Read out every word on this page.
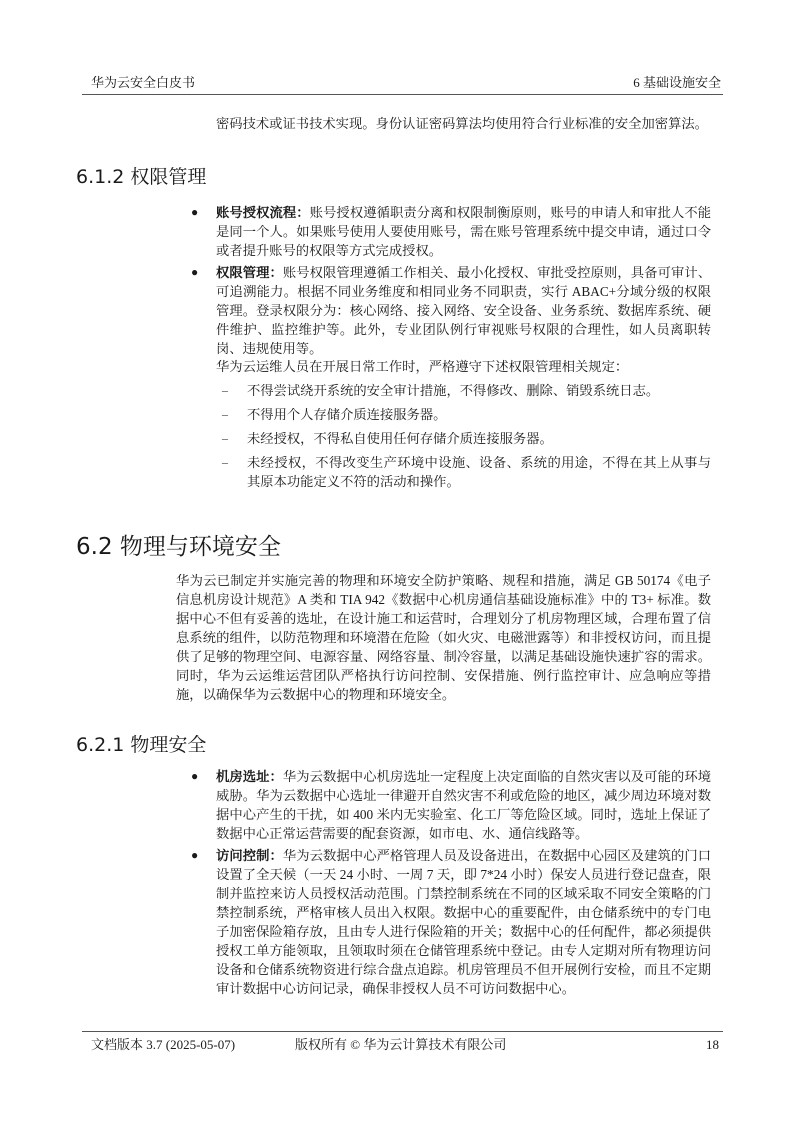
华为云安全白皮书	6 基础设施安全

密码技术或证书技术实现。身份认证密码算法均使用符合行业标准的安全加密算法。

6.1.2 权限管理
● 账号授权流程：账号授权遵循职责分离和权限制衡原则，账号的申请人和审批人不能是同一个人。如果账号使用人要使用账号，需在账号管理系统中提交申请，通过口令或者提升账号的权限等方式完成授权。

● 权限管理：账号权限管理遵循工作相关、最小化授权、审批受控原则，具备可审计、可追溯能力。根据不同业务维度和相同业务不同职责，实行 ABAC+分域分级的权限管理。登录权限分为：核心网络、接入网络、安全设备、业务系统、数据库系统、硬件维护、监控维护等。此外，专业团队例行审视账号权限的合理性，如人员离职转岗、违规使用等。

华为云运维人员在开展日常工作时，严格遵守下述权限管理相关规定：

– 不得尝试绕开系统的安全审计措施，不得修改、删除、销毁系统日志。

– 不得用个人存储介质连接服务器。

– 未经授权，不得私自使用任何存储介质连接服务器。

– 未经授权，不得改变生产环境中设施、设备、系统的用途，不得在其上从事与其原本功能定义不符的活动和操作。

6.2 物理与环境安全

华为云已制定并实施完善的物理和环境安全防护策略、规程和措施，满足 GB 50174《电子信息机房设计规范》A 类和 TIA 942《数据中心机房通信基础设施标准》中的 T3+ 标准。数据中心不但有妥善的选址，在设计施工和运营时，合理划分了机房物理区域，合理布置了信息系统的组件，以防范物理和环境潜在危险（如火灾、电磁泄露等）和非授权访问，而且提供了足够的物理空间、电源容量、网络容量、制冷容量，以满足基础设施快速扩容的需求。同时，华为云运维运营团队严格执行访问控制、安保措施、例行监控审计、应急响应等措施，以确保华为云数据中心的物理和环境安全。

6.2.1 物理安全
● 机房选址：华为云数据中心机房选址一定程度上决定面临的自然灾害以及可能的环境威胁。华为云数据中心选址一律避开自然灾害不利或危险的地区，减少周边环境对数据中心产生的干扰，如 400 米内无实验室、化工厂等危险区域。同时，选址上保证了数据中心正常运营需要的配套资源，如市电、水、通信线路等。

● 访问控制：华为云数据中心严格管理人员及设备进出，在数据中心园区及建筑的门口设置了全天候（一天 24 小时、一周 7 天，即 7*24 小时）保安人员进行登记盘查，限制并监控来访人员授权活动范围。门禁控制系统在不同的区域采取不同安全策略的门禁控制系统，严格审核人员出入权限。数据中心的重要配件，由仓储系统中的专门电子加密保险箱存放，且由专人进行保险箱的开关；数据中心的任何配件，都必须提供授权工单方能领取，且领取时须在仓储管理系统中登记。由专人定期对所有物理访问设备和仓储系统物资进行综合盘点追踪。机房管理员不但开展例行安检，而且不定期审计数据中心访问记录，确保非授权人员不可访问数据中心。

文档版本 3.7 (2025-05-07)	版权所有 © 华为云计算技术有限公司	18
